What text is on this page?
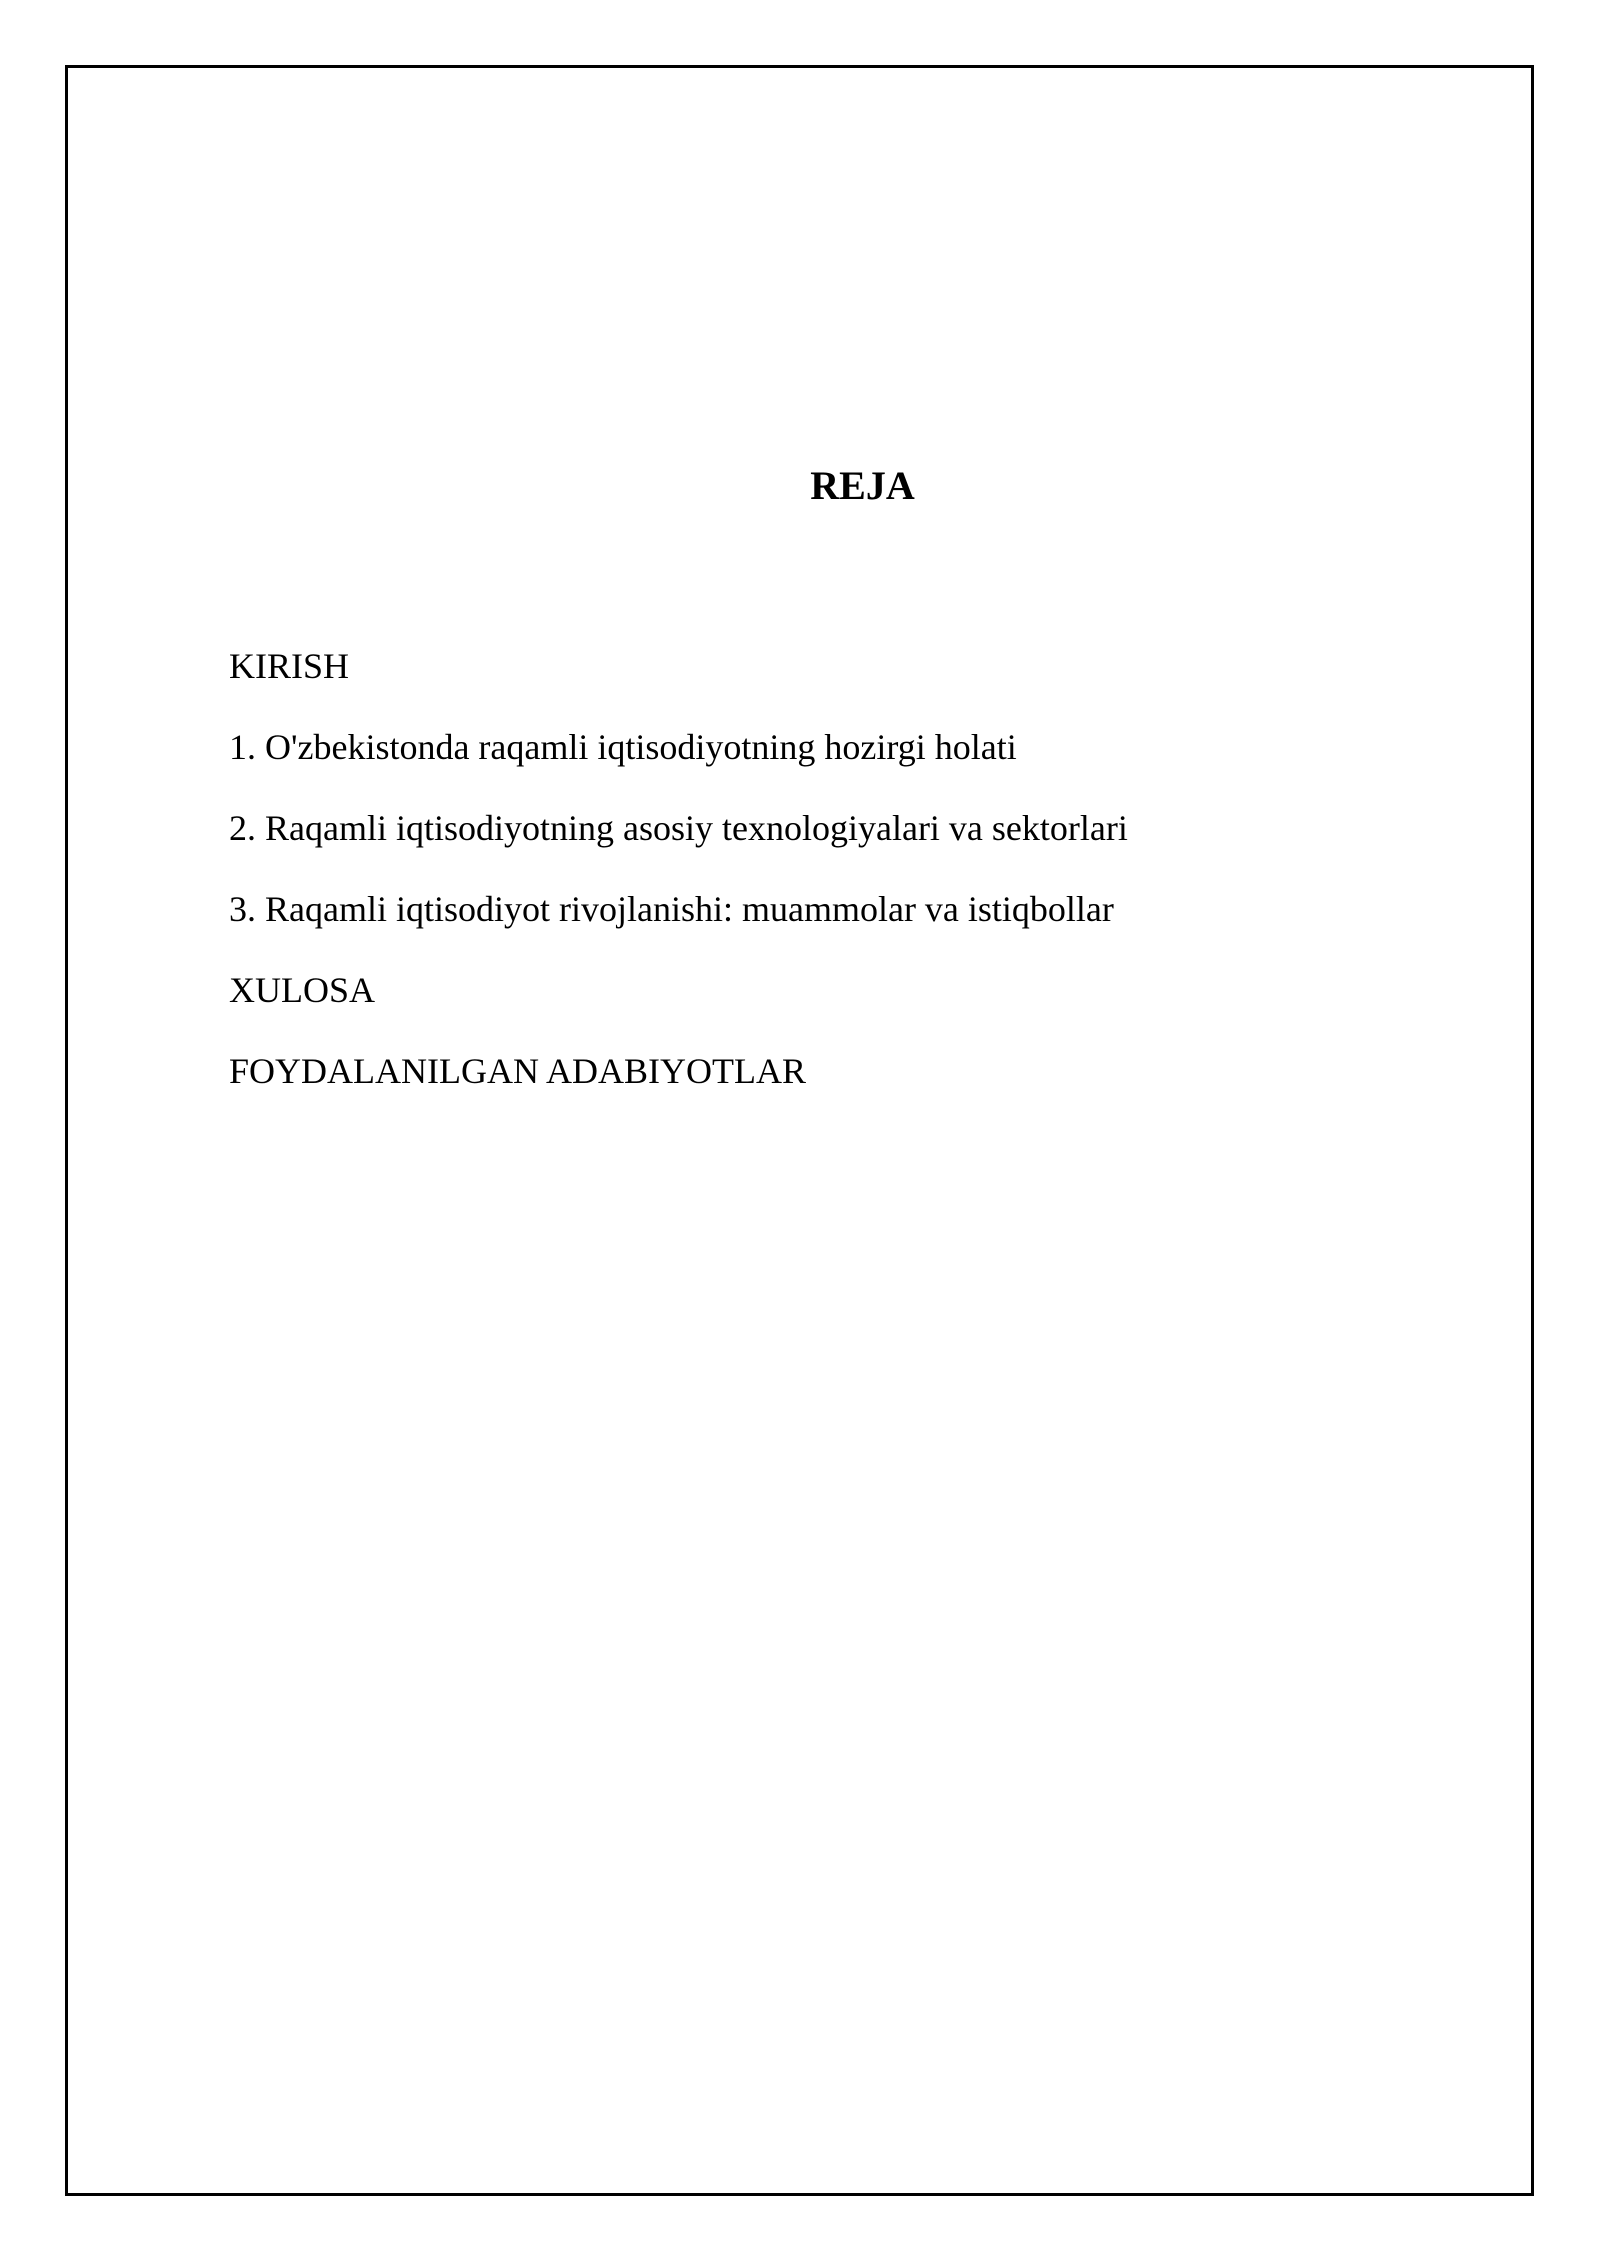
REJA
KIRISH
1. O'zbekistonda raqamli iqtisodiyotning hozirgi holati
2. Raqamli iqtisodiyotning asosiy texnologiyalari va sektorlari
3. Raqamli iqtisodiyot rivojlanishi: muammolar va istiqbollar
XULOSA
FOYDALANILGAN ADABIYOTLAR
